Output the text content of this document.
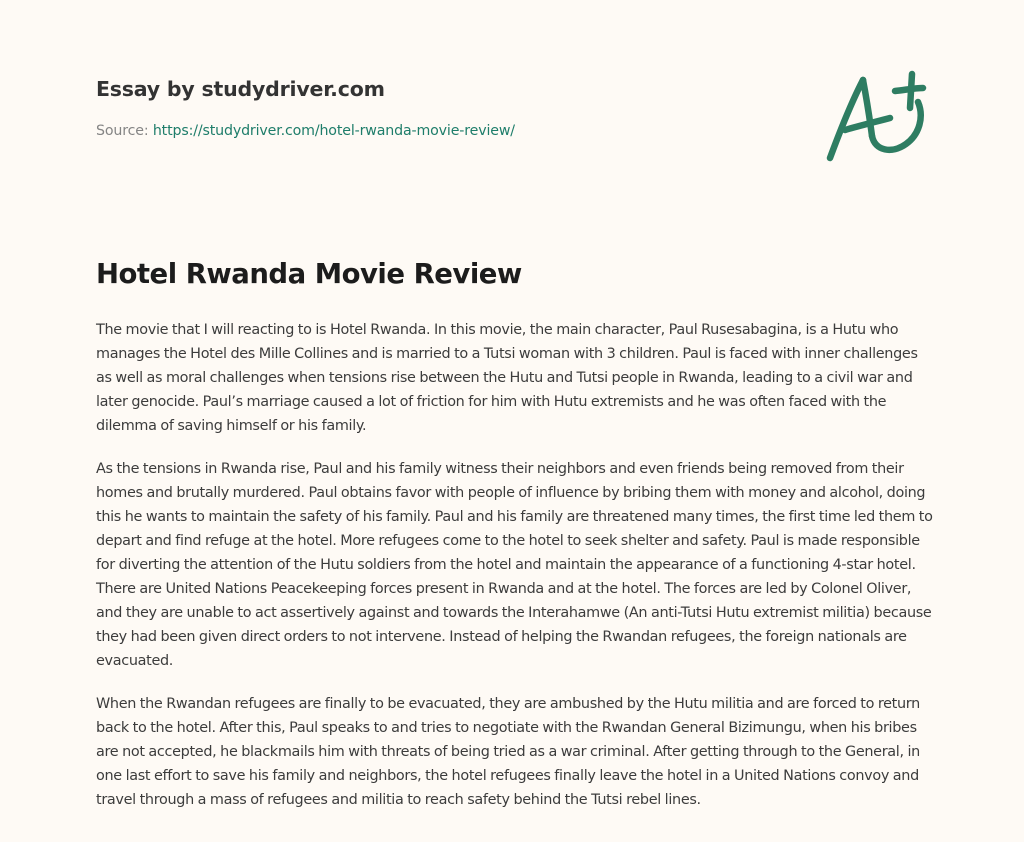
Essay by studydriver.com
Source: https://studydriver.com/hotel-rwanda-movie-review/
Hotel Rwanda Movie Review

The movie that I will reacting to is Hotel Rwanda. In this movie, the main character, Paul Rusesabagina, is a Hutu who manages the Hotel des Mille Collines and is married to a Tutsi woman with 3 children. Paul is faced with inner challenges as well as moral challenges when tensions rise between the Hutu and Tutsi people in Rwanda, leading to a civil war and later genocide. Paul’s marriage caused a lot of friction for him with Hutu extremists and he was often faced with the dilemma of saving himself or his family.

As the tensions in Rwanda rise, Paul and his family witness their neighbors and even friends being removed from their homes and brutally murdered. Paul obtains favor with people of influence by bribing them with money and alcohol, doing this he wants to maintain the safety of his family. Paul and his family are threatened many times, the first time led them to depart and find refuge at the hotel. More refugees come to the hotel to seek shelter and safety. Paul is made responsible for diverting the attention of the Hutu soldiers from the hotel and maintain the appearance of a functioning 4-star hotel. There are United Nations Peacekeeping forces present in Rwanda and at the hotel. The forces are led by Colonel Oliver, and they are unable to act assertively against and towards the Interahamwe (An anti-Tutsi Hutu extremist militia) because they had been given direct orders to not intervene. Instead of helping the Rwandan refugees, the foreign nationals are evacuated.

When the Rwandan refugees are finally to be evacuated, they are ambushed by the Hutu militia and are forced to return back to the hotel. After this, Paul speaks to and tries to negotiate with the Rwandan General Bizimungu, when his bribes are not accepted, he blackmails him with threats of being tried as a war criminal. After getting through to the General, in one last effort to save his family and neighbors, the hotel refugees finally leave the hotel in a United Nations convoy and travel through a mass of refugees and militia to reach safety behind the Tutsi rebel lines.
